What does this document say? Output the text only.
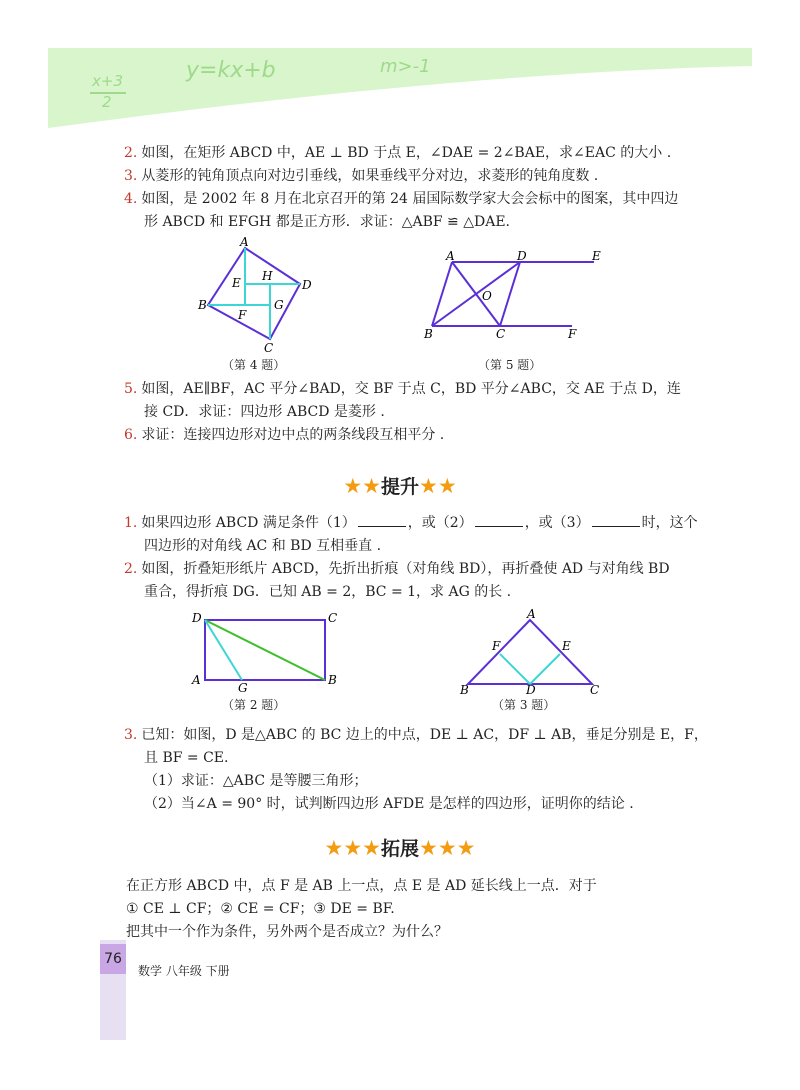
x+3
2
y=kx+b	m>-1
2. 如图，在矩形 ABCD 中，AE ⊥ BD 于点 E，∠DAE = 2∠BAE，求∠EAC 的大小 .
3. 从菱形的钝角顶点向对边引垂线，如果垂线平分对边，求菱形的钝角度数 .
4. 如图，是 2002 年 8 月在北京召开的第 24 届国际数学家大会会标中的图案，其中四边
形 ABCD 和 EFGH 都是正方形．求证：△ABF ≌ △DAE.
A
D
B
C
E H
F
G
（第 4 题）
A	D	E
O
B	C	F
（第 5 题）
5. 如图，AE∥BF，AC 平分∠BAD，交 BF 于点 C，BD 平分∠ABC，交 AE 于点 D，连
接 CD．求证：四边形 ABCD 是菱形 .
6. 求证：连接四边形对边中点的两条线段互相平分 .
★★提升★★
1. 如果四边形 ABCD 满足条件（1）	，或（2）	，或（3）	时，这个
四边形的对角线 AC 和 BD 互相垂直 .
2. 如图，折叠矩形纸片 ABCD，先折出折痕（对角线 BD），再折叠使 AD 与对角线 BD
重合，得折痕 DG．已知 AB = 2，BC = 1，求 AG 的长 .
D	C
A	B
G
（第 2 题）
A
F	E
B	D	C
（第 3 题）
3. 已知：如图，D 是△ABC 的 BC 边上的中点，DE ⊥ AC，DF ⊥ AB，垂足分别是 E，F，
且 BF = CE.
（1）求证：△ABC 是等腰三角形；
（2）当∠A = 90° 时，试判断四边形 AFDE 是怎样的四边形，证明你的结论 .
★★★拓展★★★
在正方形 ABCD 中，点 F 是 AB 上一点，点 E 是 AD 延长线上一点．对于
① CE ⊥ CF；② CE = CF；③ DE = BF.
把其中一个作为条件，另外两个是否成立？为什么？
76
数学 八年级 下册
